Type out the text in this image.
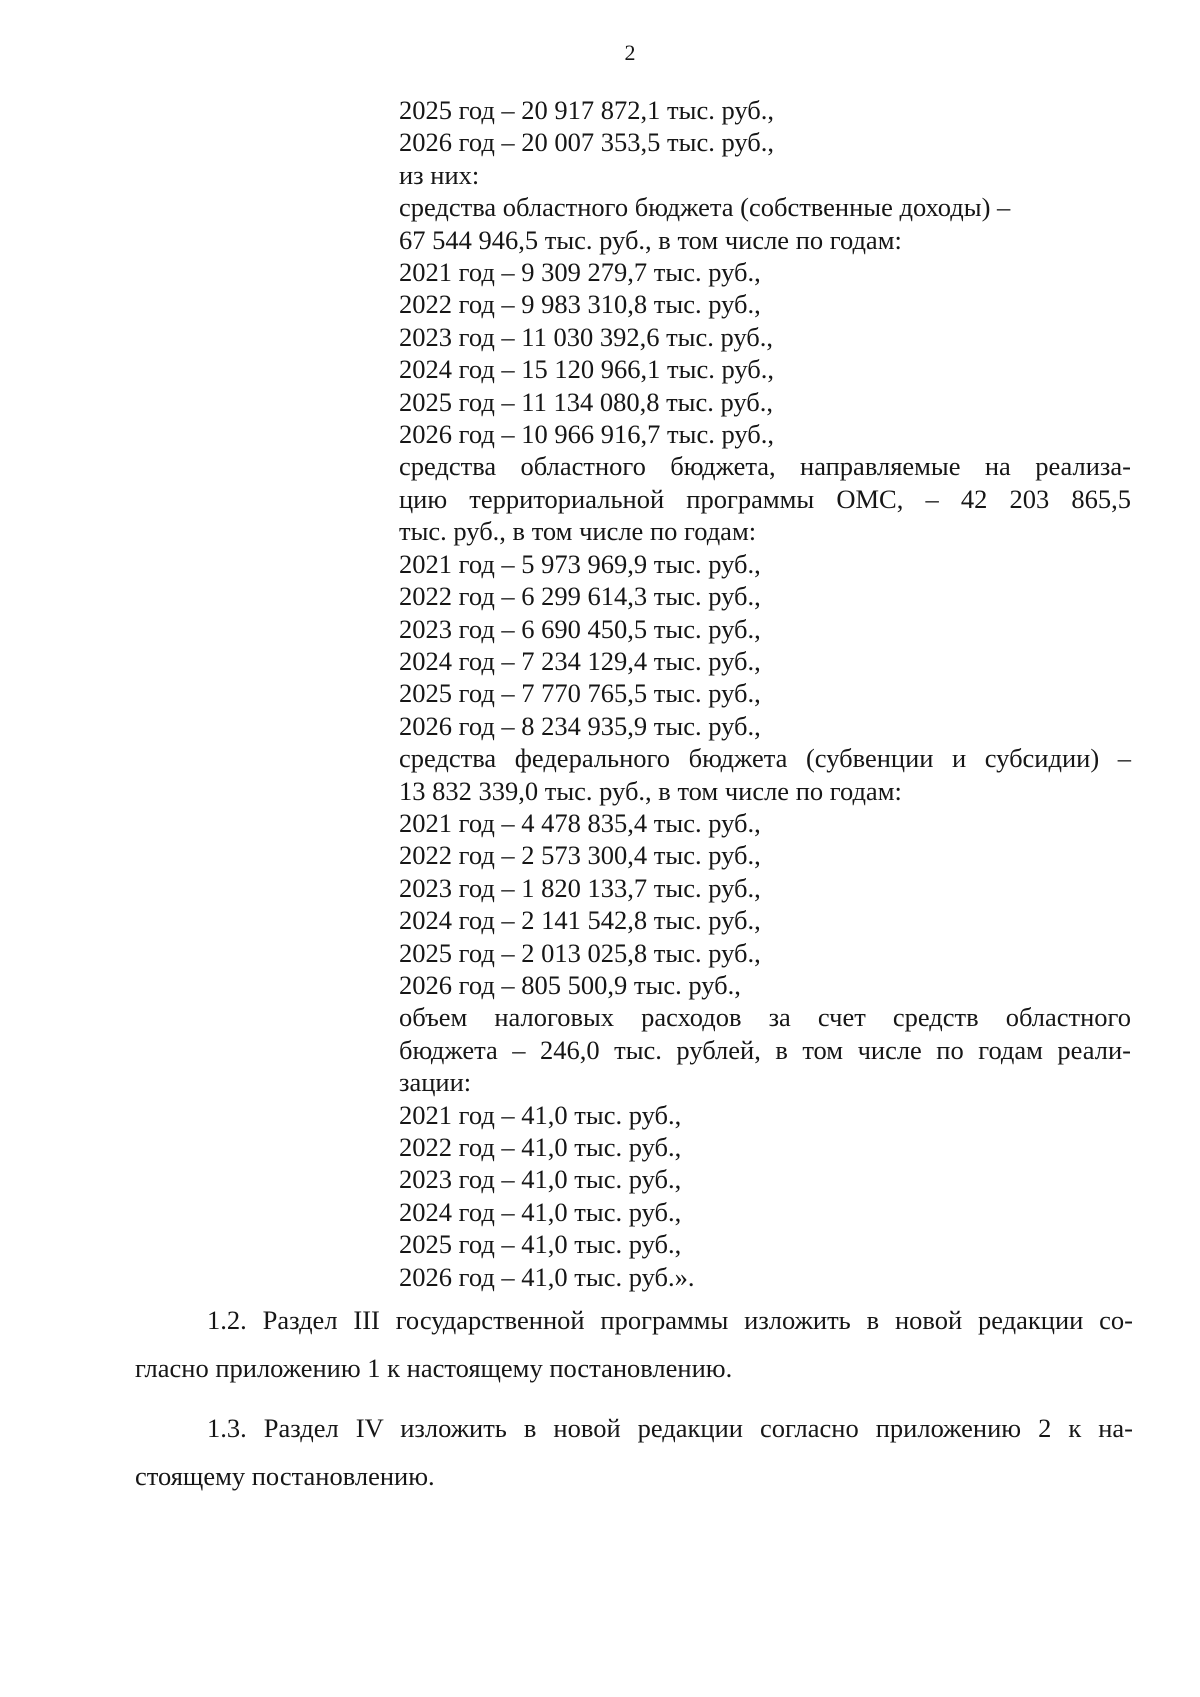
2
2025 год – 20 917 872,1 тыс. руб.,
2026 год – 20 007 353,5 тыс. руб.,
из них:
средства областного бюджета (собственные доходы) –
67 544 946,5 тыс. руб., в том числе по годам:
2021 год – 9 309 279,7 тыс. руб.,
2022 год – 9 983 310,8 тыс. руб.,
2023 год – 11 030 392,6 тыс. руб.,
2024 год – 15 120 966,1 тыс. руб.,
2025 год – 11 134 080,8 тыс. руб.,
2026 год – 10 966 916,7 тыс. руб.,
средства областного бюджета, направляемые на реализа-
цию территориальной программы ОМС, – 42 203 865,5
тыс. руб., в том числе по годам:
2021 год – 5 973 969,9 тыс. руб.,
2022 год – 6 299 614,3 тыс. руб.,
2023 год – 6 690 450,5 тыс. руб.,
2024 год – 7 234 129,4 тыс. руб.,
2025 год – 7 770 765,5 тыс. руб.,
2026 год – 8 234 935,9 тыс. руб.,
средства федерального бюджета (субвенции и субсидии) –
13 832 339,0 тыс. руб., в том числе по годам:
2021 год – 4 478 835,4 тыс. руб.,
2022 год – 2 573 300,4 тыс. руб.,
2023 год – 1 820 133,7 тыс. руб.,
2024 год – 2 141 542,8 тыс. руб.,
2025 год – 2 013 025,8 тыс. руб.,
2026 год – 805 500,9 тыс. руб.,
объем налоговых расходов за счет средств областного
бюджета – 246,0 тыс. рублей, в том числе по годам реали-
зации:
2021 год – 41,0 тыс. руб.,
2022 год – 41,0 тыс. руб.,
2023 год – 41,0 тыс. руб.,
2024 год – 41,0 тыс. руб.,
2025 год – 41,0 тыс. руб.,
2026 год – 41,0 тыс. руб.».

1.2. Раздел III государственной программы изложить в новой редакции со-
гласно приложению 1 к настоящему постановлению.

1.3. Раздел IV изложить в новой редакции согласно приложению 2 к на-
стоящему постановлению.
